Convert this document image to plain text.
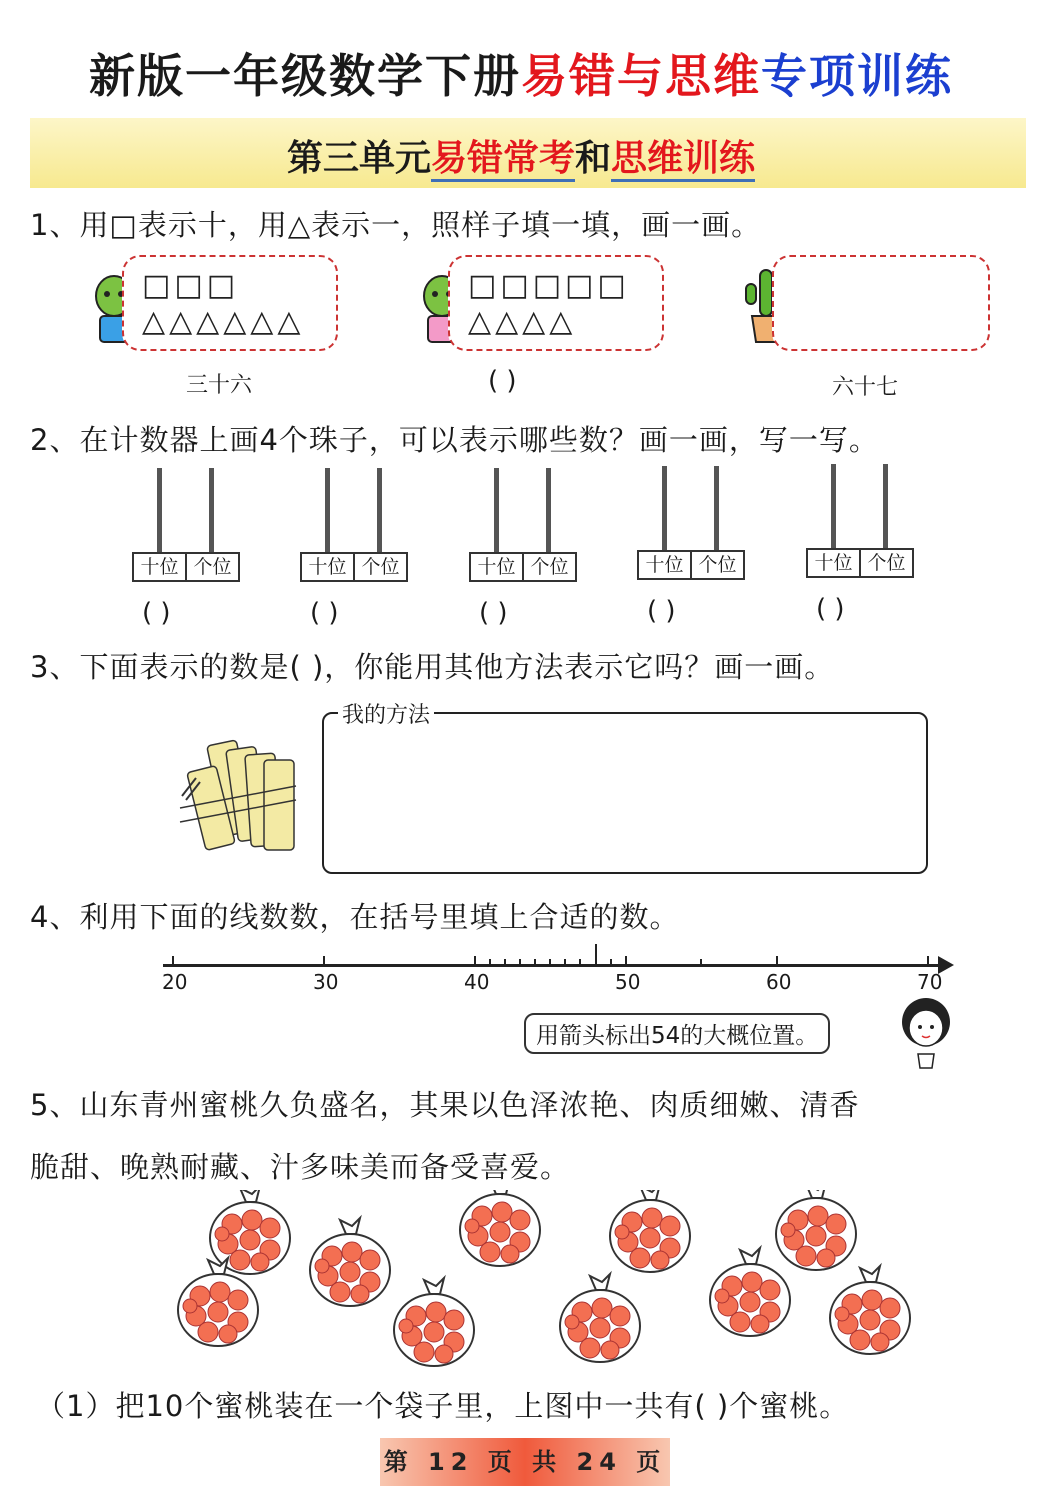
新版一年级数学下册易错与思维专项训练
第三单元易错常考和思维训练
1、用□表示十，用△表示一，照样子填一填，画一画。
□□□
△△△△△△
三十六
□□□□□
△△△△
( )	六十七
2、在计数器上画4个珠子，可以表示哪些数？画一画，写一写。
十位 个位
( )
十位 个位
( )
十位 个位
( )
十位 个位
( )
十位 个位
( )
3、下面表示的数是( )，你能用其他方法表示它吗？画一画。
我的方法
4、利用下面的线数数，在括号里填上合适的数。
20	30	40	50	60	70
用箭头标出54的大概位置。
5、山东青州蜜桃久负盛名，其果以色泽浓艳、肉质细嫩、清香
脆甜、晚熟耐藏、汁多味美而备受喜爱。
（1）把10个蜜桃装在一个袋子里，上图中一共有( )个蜜桃。
第 12 页 共 24 页
